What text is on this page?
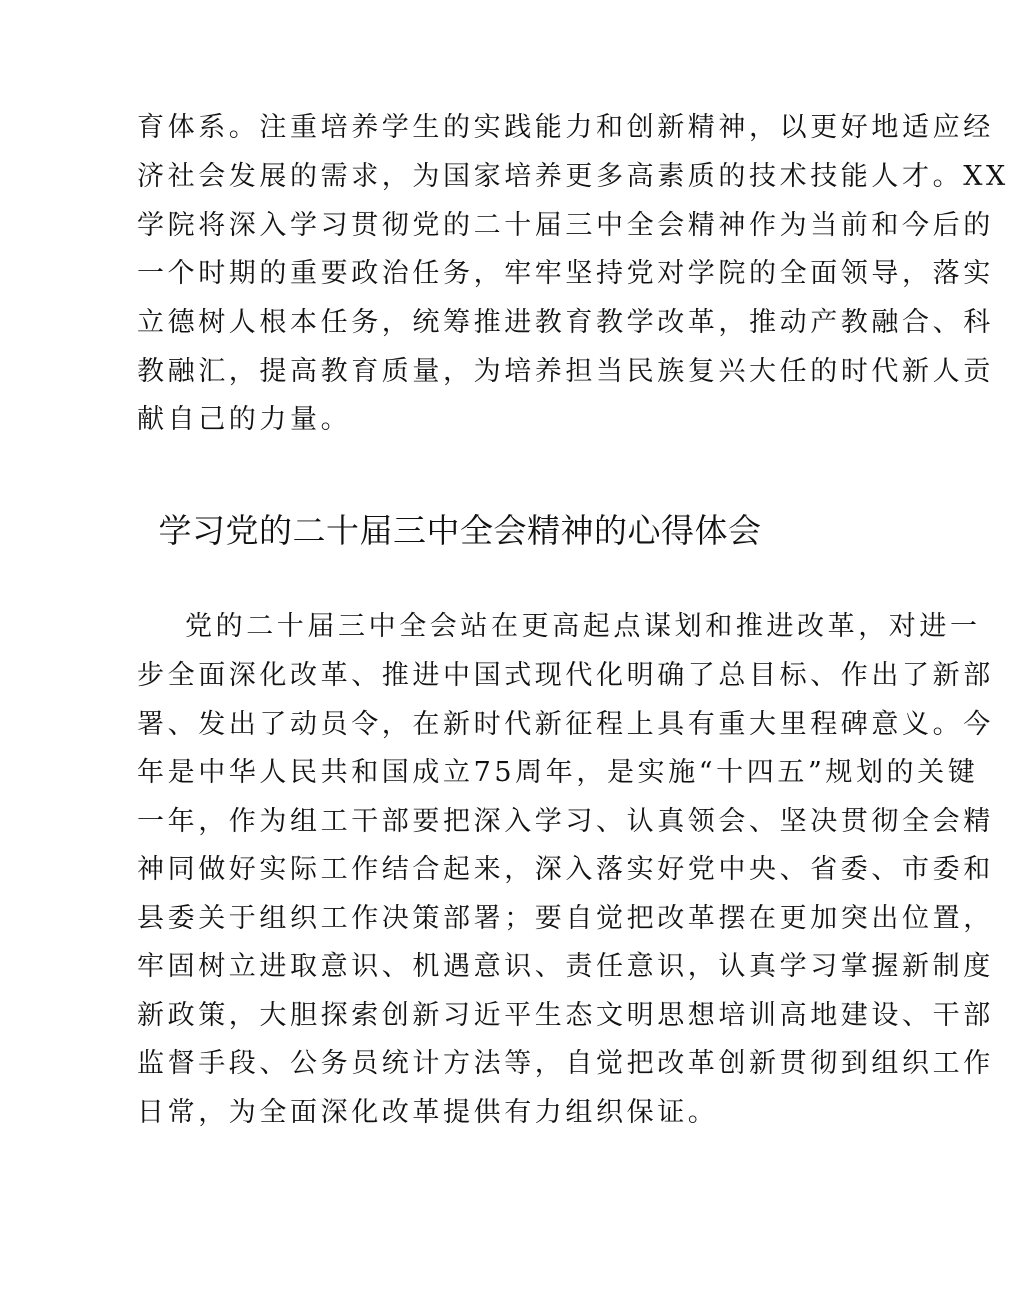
育体系。注重培养学生的实践能力和创新精神，以更好地适应经
济社会发展的需求，为国家培养更多高素质的技术技能人才。XX
学院将深入学习贯彻党的二十届三中全会精神作为当前和今后的
一个时期的重要政治任务，牢牢坚持党对学院的全面领导，落实
立德树人根本任务，统筹推进教育教学改革，推动产教融合、科
教融汇，提高教育质量，为培养担当民族复兴大任的时代新人贡
献自己的力量。
学习党的二十届三中全会精神的心得体会
党的二十届三中全会站在更高起点谋划和推进改革，对进一
步全面深化改革、推进中国式现代化明确了总目标、作出了新部
署、发出了动员令，在新时代新征程上具有重大里程碑意义。今
年是中华人民共和国成立75周年，是实施“十四五”规划的关键
一年，作为组工干部要把深入学习、认真领会、坚决贯彻全会精
神同做好实际工作结合起来，深入落实好党中央、省委、市委和
县委关于组织工作决策部署；要自觉把改革摆在更加突出位置，
牢固树立进取意识、机遇意识、责任意识，认真学习掌握新制度
新政策，大胆探索创新习近平生态文明思想培训高地建设、干部
监督手段、公务员统计方法等，自觉把改革创新贯彻到组织工作
日常，为全面深化改革提供有力组织保证。
